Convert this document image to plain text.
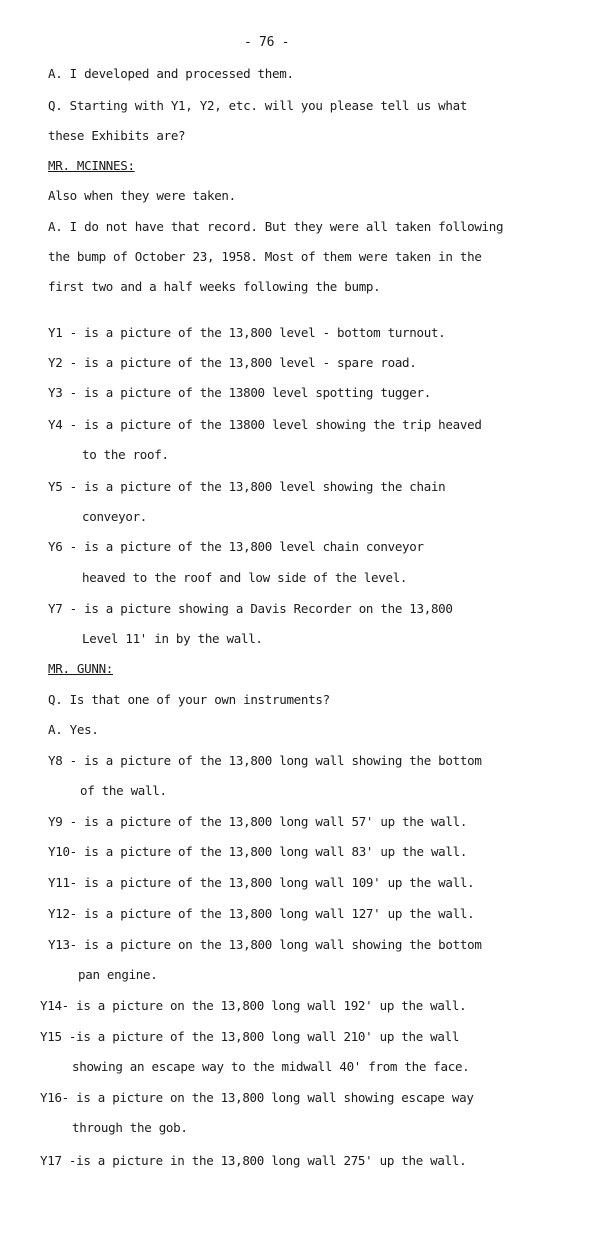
- 76 -
A. I developed and processed them.
Q. Starting with Y1, Y2, etc. will you please tell us what
these Exhibits are?
MR. MCINNES:
Also when they were taken.
A. I do not have that record. But they were all taken following
the bump of October 23, 1958. Most of them were taken in the
first two and a half weeks following the bump.
Y1 - is a picture of the 13,800 level - bottom turnout.
Y2 - is a picture of the 13,800 level - spare road.
Y3 - is a picture of the 13800 level spotting tugger.
Y4 - is a picture of the 13800 level showing the trip heaved
to the roof.
Y5 - is a picture of the 13,800 level showing the chain
conveyor.
Y6 - is a picture of the 13,800 level chain conveyor
heaved to the roof and low side of the level.
Y7 - is a picture showing a Davis Recorder on the 13,800
Level 11' in by the wall.
MR. GUNN:
Q. Is that one of your own instruments?
A. Yes.
Y8 - is a picture of the 13,800 long wall showing the bottom
of the wall.
Y9 - is a picture of the 13,800 long wall 57' up the wall.
Y10- is a picture of the 13,800 long wall 83' up the wall.
Y11- is a picture of the 13,800 long wall 109' up the wall.
Y12- is a picture of the 13,800 long wall 127' up the wall.
Y13- is a picture on the 13,800 long wall showing the bottom
pan engine.
Y14- is a picture on the 13,800 long wall 192' up the wall.
Y15 -is a picture of the 13,800 long wall 210' up the wall
showing an escape way to the midwall 40' from the face.
Y16- is a picture on the 13,800 long wall showing escape way
through the gob.
Y17 -is a picture in the 13,800 long wall 275' up the wall.
